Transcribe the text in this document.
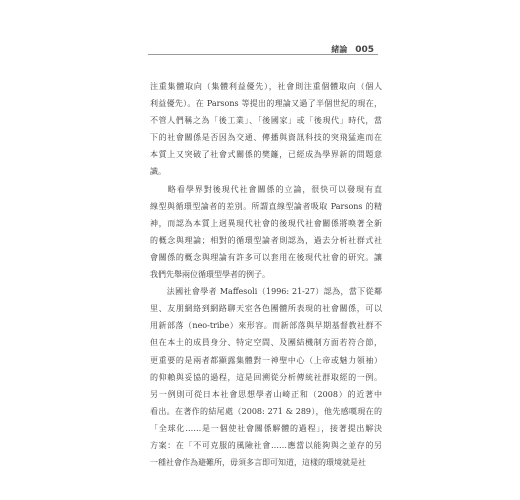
緒論 005
注重集體取向（集體利益優先），社會則注重個體取向（個人
利益優先）。在 Parsons 等提出的理論又過了半個世紀的現在，
不管人們稱之為「後工業」、「後國家」或「後現代」時代，當
下的社會關係是否因為交通、傳播與資訊科技的突飛猛進而在
本質上又突破了社會式關係的樊籬，已經成為學界新的問題意
識。
　　略看學界對後現代社會關係的立論，很快可以發現有直
線型與循環型論者的差別。所謂直線型論者吸取 Parsons 的精
神，而認為本質上迥異現代社會的後現代社會關係將唤著全新
的概念與理論；相對的循環型論者則認為，過去分析社群式社
會關係的概念與理論有許多可以套用在後現代社會的研究。讓
我們先舉兩位循環型學者的例子。
　　法國社會學者 Maffesoli（1996: 21-27）認為，當下從鄰
里、友朋網絡到網路聊天室各色團體所表現的社會關係，可以
用新部落（neo-tribe）來形容。而新部落與早期基督教社群不
但在本土的成員身分、特定空間、及團結機制方面若符合節，
更重要的是兩者都顯露集體對一神聖中心（上帝或魅力領袖）
的仰賴與妥協的過程，這是回溯從分析傳統社群取經的一例。
另一例則可從日本社會思想學者山崎正和（2008）的近著中
看出。在著作的結尾處（2008: 271 & 289），他先感嘆現在的
「全球化……是一個使社會關係解體的過程」，接著提出解決
方案：在「不可克服的風險社會……應當以能夠與之並存的另
一種社會作為避難所，毋須多言即可知道，這樣的環境就是社
